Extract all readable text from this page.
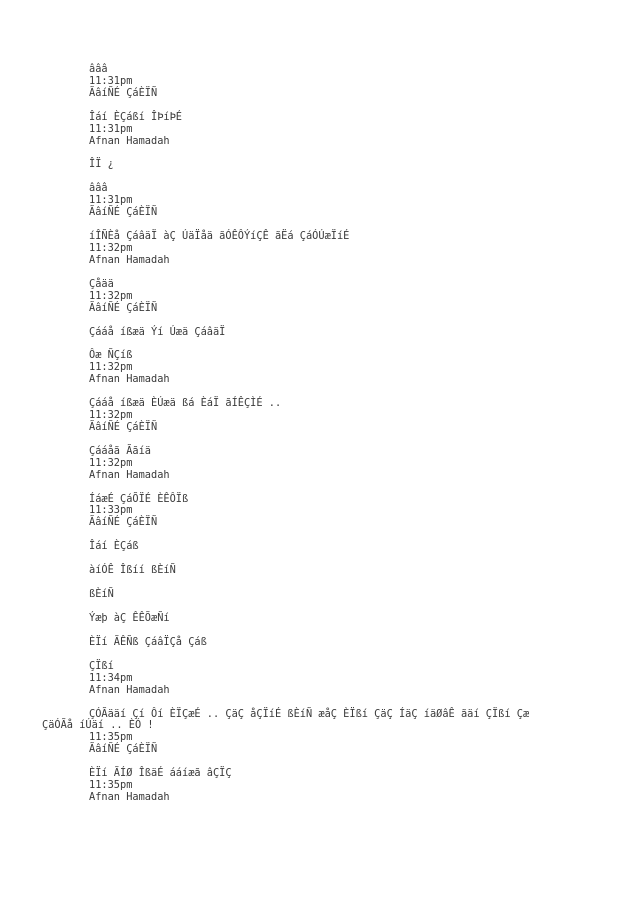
âââ
11:31pm
ÃâíÑÉ ÇáÈÏÑ
Îáí ÈÇáßí ÎÞíÞÉ
11:31pm
Afnan Hamadah
ÎÏ ¿
âââ
11:31pm
ÃâíÑÉ ÇáÈÏÑ
íÎÑÈå ÇáâäÏ àÇ ÚäÏåä ãÓÊÔÝíÇÊ ãËá ÇáÓÚæÏíÉ
11:32pm
Afnan Hamadah
Çåää
11:32pm
ÃâíÑÉ ÇáÈÏÑ
Çááå íßæä Ýí Úæä ÇáâäÏ
Ôæ ÑÇíß
11:32pm
Afnan Hamadah
Çááå íßæä ÈÚæä ßá ÈáÏ ãÍÊÇÌÉ ..
11:32pm
ÃâíÑÉ ÇáÈÏÑ
Çááåã Ããíä
11:32pm
Afnan Hamadah
ÍáæÉ ÇáÕÏÉ ÈÊÔÏß
11:33pm
ÃâíÑÉ ÇáÈÏÑ
Îáí ÈÇáß
àíÓÊ Îßíí ßÈíÑ
ßÈíÑ
Ýæþ àÇ ÊÊÕæÑí
ÈÏí ÃÊÑß ÇáâÏÇå Çáß
ÇÏßí
11:34pm
Afnan Hamadah
ÇÓÃääí Çí Ôí ÈÏÇæÉ .. ÇäÇ åÇÏíÉ ßÈíÑ æåÇ ÈÏßí ÇäÇ ÍäÇ íäØâÊ ãäí ÇÏßí Çæ
ÇäÓÃå íÚäí .. ÈÓ !
11:35pm
ÃâíÑÉ ÇáÈÏÑ
ÈÏí ÃÍØ ÎßäÉ ááíæã âÇÏÇ
11:35pm
Afnan Hamadah
